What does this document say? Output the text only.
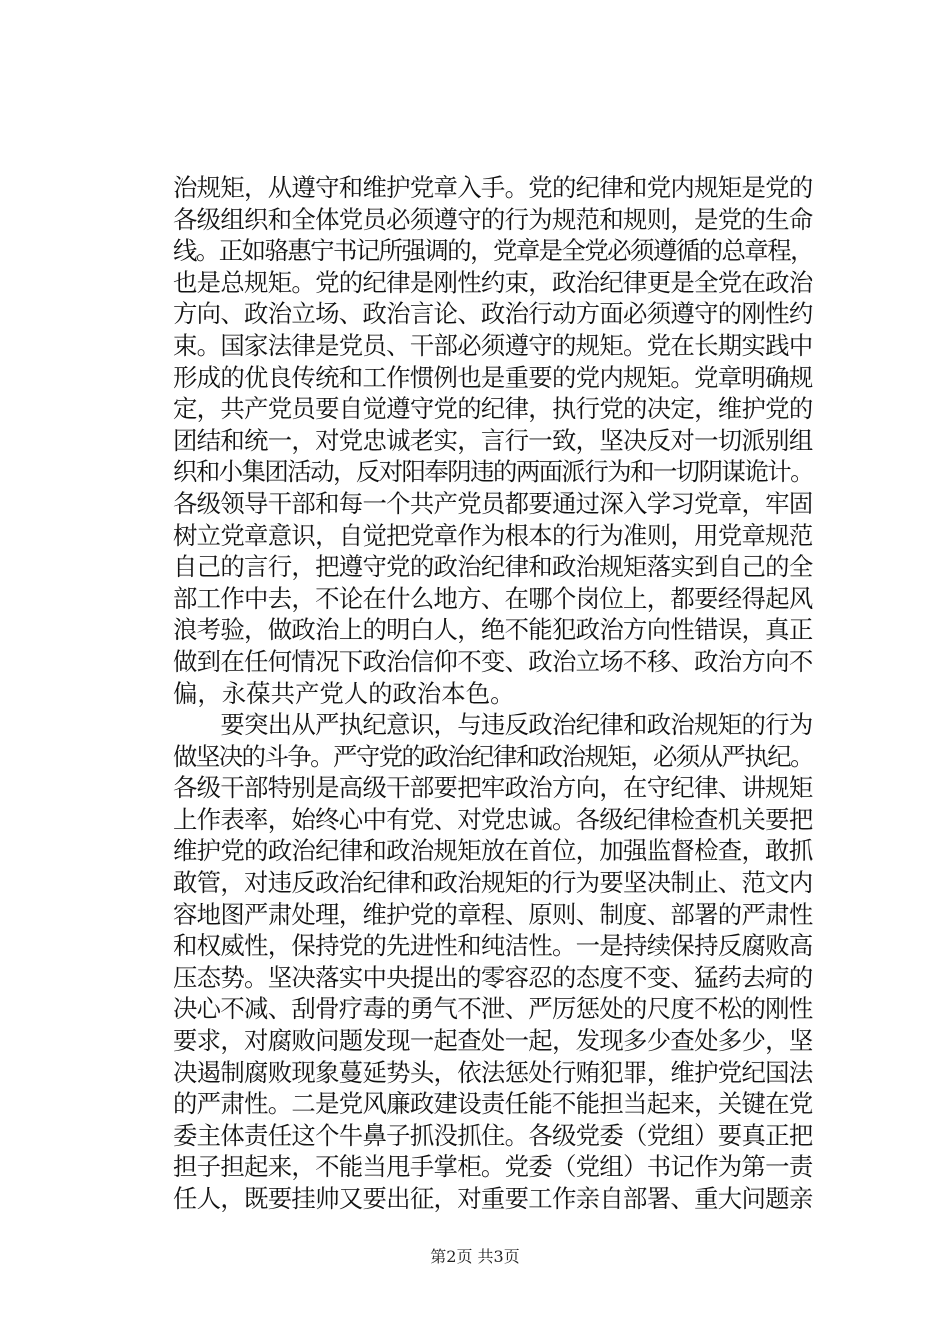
治规矩，从遵守和维护党章入手。党的纪律和党内规矩是党的
各级组织和全体党员必须遵守的行为规范和规则，是党的生命
线。正如骆惠宁书记所强调的，党章是全党必须遵循的总章程，
也是总规矩。党的纪律是刚性约束，政治纪律更是全党在政治
方向、政治立场、政治言论、政治行动方面必须遵守的刚性约
束。国家法律是党员、干部必须遵守的规矩。党在长期实践中
形成的优良传统和工作惯例也是重要的党内规矩。党章明确规
定，共产党员要自觉遵守党的纪律，执行党的决定，维护党的
团结和统一，对党忠诚老实，言行一致，坚决反对一切派别组
织和小集团活动，反对阳奉阴违的两面派行为和一切阴谋诡计。
各级领导干部和每一个共产党员都要通过深入学习党章，牢固
树立党章意识，自觉把党章作为根本的行为准则，用党章规范
自己的言行，把遵守党的政治纪律和政治规矩落实到自己的全
部工作中去，不论在什么地方、在哪个岗位上，都要经得起风
浪考验，做政治上的明白人，绝不能犯政治方向性错误，真正
做到在任何情况下政治信仰不变、政治立场不移、政治方向不
偏，永葆共产党人的政治本色。
　　要突出从严执纪意识，与违反政治纪律和政治规矩的行为
做坚决的斗争。严守党的政治纪律和政治规矩，必须从严执纪。
各级干部特别是高级干部要把牢政治方向，在守纪律、讲规矩
上作表率，始终心中有党、对党忠诚。各级纪律检查机关要把
维护党的政治纪律和政治规矩放在首位，加强监督检查，敢抓
敢管，对违反政治纪律和政治规矩的行为要坚决制止、范文内
容地图严肃处理，维护党的章程、原则、制度、部署的严肃性
和权威性，保持党的先进性和纯洁性。一是持续保持反腐败高
压态势。坚决落实中央提出的零容忍的态度不变、猛药去疴的
决心不减、刮骨疗毒的勇气不泄、严厉惩处的尺度不松的刚性
要求，对腐败问题发现一起查处一起，发现多少查处多少，坚
决遏制腐败现象蔓延势头，依法惩处行贿犯罪，维护党纪国法
的严肃性。二是党风廉政建设责任能不能担当起来，关键在党
委主体责任这个牛鼻子抓没抓住。各级党委（党组）要真正把
担子担起来，不能当甩手掌柜。党委（党组）书记作为第一责
任人，既要挂帅又要出征，对重要工作亲自部署、重大问题亲
第2页 共3页
